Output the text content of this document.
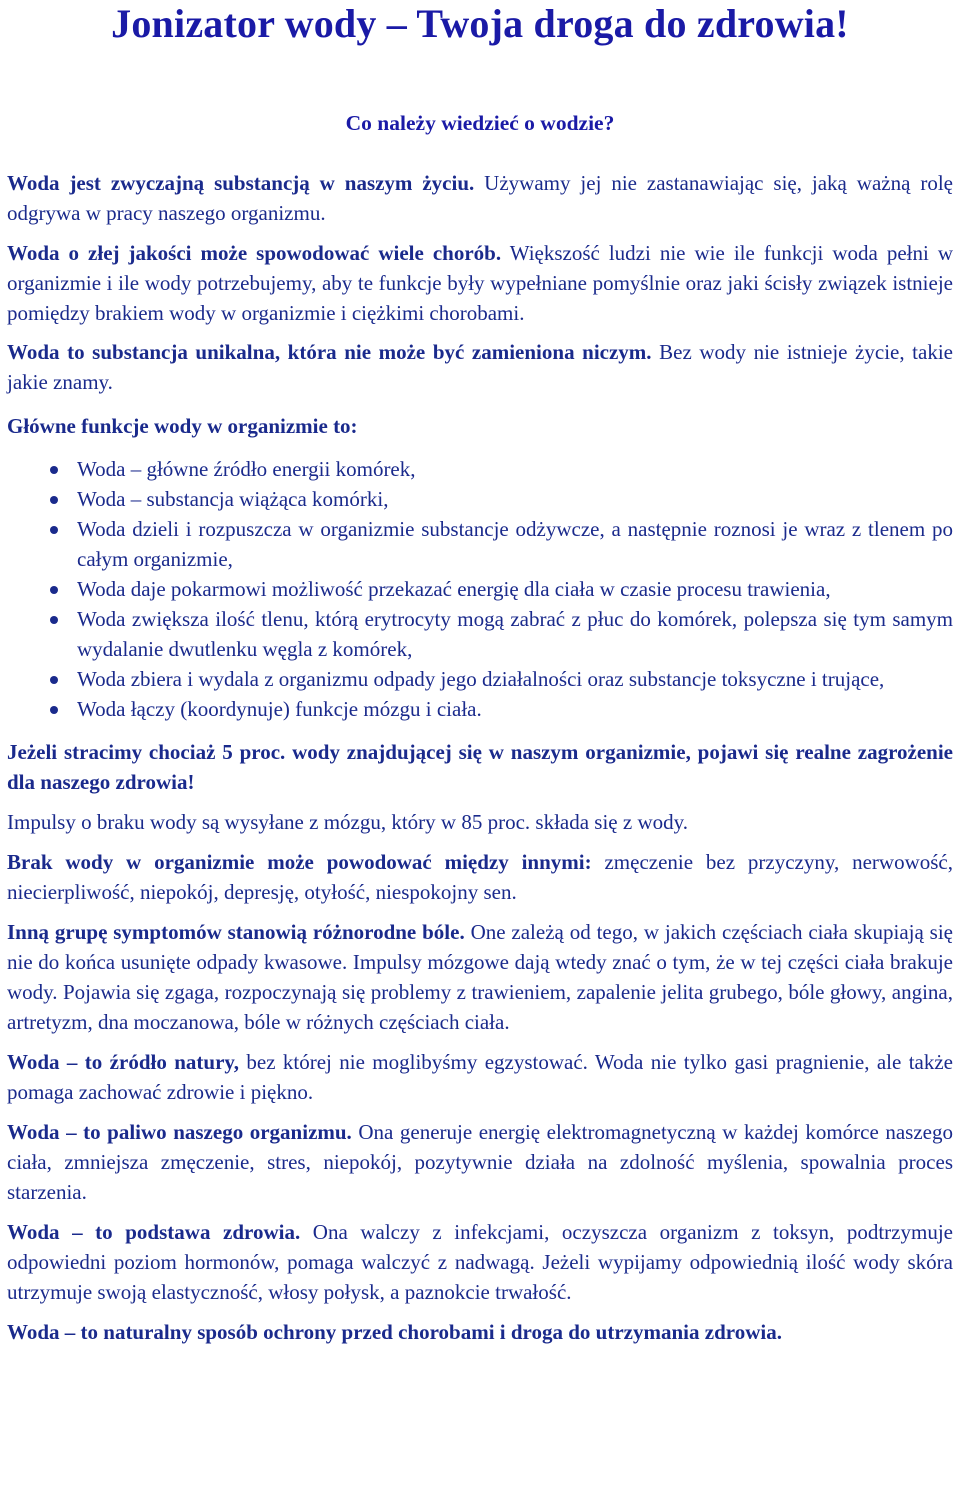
Jonizator wody – Twoja droga do zdrowia!
Co należy wiedzieć o wodzie?

Woda jest zwyczajną substancją w naszym życiu. Używamy jej nie zastanawiając się, jaką ważną rolę odgrywa w pracy naszego organizmu.

Woda o złej jakości może spowodować wiele chorób. Większość ludzi nie wie ile funkcji woda pełni w organizmie i ile wody potrzebujemy, aby te funkcje były wypełniane pomyślnie oraz jaki ścisły związek istnieje pomiędzy brakiem wody w organizmie i ciężkimi chorobami.

Woda to substancja unikalna, która nie może być zamieniona niczym. Bez wody nie istnieje życie, takie jakie znamy.

Główne funkcje wody w organizmie to:

Woda – główne źródło energii komórek,
Woda – substancja wiążąca komórki,
Woda dzieli i rozpuszcza w organizmie substancje odżywcze, a następnie roznosi je wraz z tlenem po całym organizmie,
Woda daje pokarmowi możliwość przekazać energię dla ciała w czasie procesu trawienia,
Woda zwiększa ilość tlenu, którą erytrocyty mogą zabrać z płuc do komórek, polepsza się tym samym wydalanie dwutlenku węgla z komórek,
Woda zbiera i wydala z organizmu odpady jego działalności oraz substancje toksyczne i trujące,
Woda łączy (koordynuje) funkcje mózgu i ciała.

Jeżeli stracimy chociaż 5 proc. wody znajdującej się w naszym organizmie, pojawi się realne zagrożenie dla naszego zdrowia!

Impulsy o braku wody są wysyłane z mózgu, który w 85 proc. składa się z wody.

Brak wody w organizmie może powodować między innymi: zmęczenie bez przyczyny, nerwowość, niecierpliwość, niepokój, depresję, otyłość, niespokojny sen.

Inną grupę symptomów stanowią różnorodne bóle. One zależą od tego, w jakich częściach ciała skupiają się nie do końca usunięte odpady kwasowe. Impulsy mózgowe dają wtedy znać o tym, że w tej części ciała brakuje wody. Pojawia się zgaga, rozpoczynają się problemy z trawieniem, zapalenie jelita grubego, bóle głowy, angina, artretyzm, dna moczanowa, bóle w różnych częściach ciała.

Woda – to źródło natury, bez której nie moglibyśmy egzystować. Woda nie tylko gasi pragnienie, ale także pomaga zachować zdrowie i piękno.

Woda – to paliwo naszego organizmu. Ona generuje energię elektromagnetyczną w każdej komórce naszego ciała, zmniejsza zmęczenie, stres, niepokój, pozytywnie działa na zdolność myślenia, spowalnia proces starzenia.

Woda – to podstawa zdrowia. Ona walczy z infekcjami, oczyszcza organizm z toksyn, podtrzymuje odpowiedni poziom hormonów, pomaga walczyć z nadwagą. Jeżeli wypijamy odpowiednią ilość wody skóra utrzymuje swoją elastyczność, włosy połysk, a paznokcie trwałość.

Woda – to naturalny sposób ochrony przed chorobami i droga do utrzymania zdrowia.
